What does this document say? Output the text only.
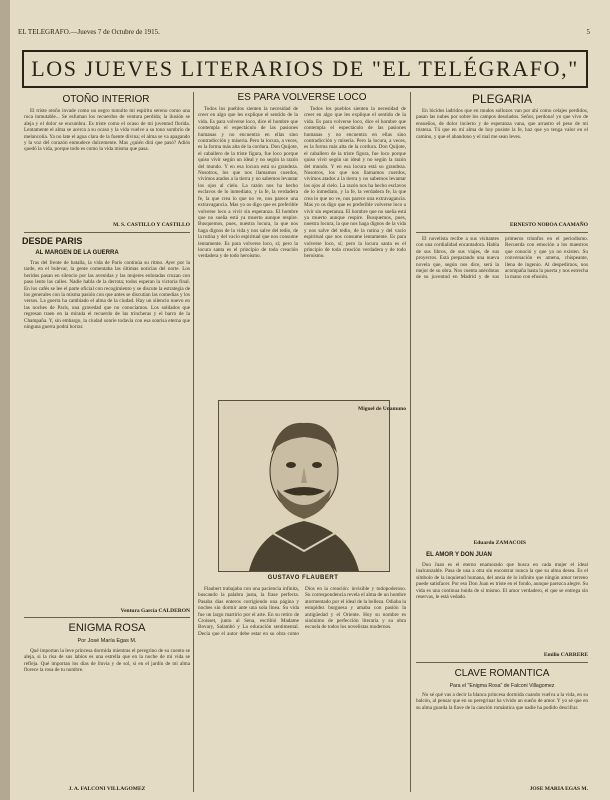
EL TELEGRAFO.—Jueves 7 de Octubre de 1915.	5
LOS JUEVES LITERARIOS DE "EL TELÉGRAFO,"
OTOÑO INTERIOR

El triste otoño invade como un negro tumulto mi espíritu sereno como una roca inmutable... Se esfuman los recuerdos de ventura perdida; la ilusión se aleja y el dolor se encumbra. Es triste como el ocaso de mi juventud florida. Lentamente el alma se acerca a su ocaso y la vida vuelve a su tono sombrío de melancolía. Ya no late el agua clara de la fuente divina; el alma se va apagando y la voz del corazón enmudece dulcemente. Mas ¿quién dirá que pasó? Adiós quedó la vida, porque todo es como la vida misma que pasa.

M. S. CASTILLO Y CASTILLO
DESDE PARIS
AL MARGEN DE LA GUERRA

Tras del frente de batalla, la vida de París continúa su ritmo. Ayer por la tarde, en el bulevar, la gente comentaba las últimas noticias del norte. Los heridos pasan en silencio por las avenidas y las mujeres enlutadas cruzan con paso lento las calles. Nadie habla de la derrota; todos esperan la victoria final. En los cafés se lee el parte oficial con recogimiento y se discute la estrategia de los generales con la misma pasión con que antes se discutían las comedias y los versos. La guerra ha cambiado el alma de la ciudad. Hay un silencio nuevo en las noches de París, una gravedad que no conocíamos. Los soldados que regresan traen en la mirada el recuerdo de las trincheras y el barro de la Champaña. Y, sin embargo, la ciudad sonríe todavía con esa sonrisa eterna que ninguna guerra podrá borrar.

Ventura García CALDERON
ENIGMA ROSA
Por José María Egas M.

Qué importan la leve princesa dormida mientras el peregrino de su cuento se aleja, si la risa de sus labios es una estrella que en la noche de mi vida se refleja. Qué importan los días de lluvia y de sol, si en el jardín de mi alma florece la rosa de tu nombre.

J. A. FALCONI VILLAGOMEZ
ES PARA VOLVERSE LOCO

Todos los pueblos sienten la necesidad de creer en algo que les explique el sentido de la vida. Es para volverse loco, dice el hombre que contempla el espectáculo de las pasiones humanas y no encuentra en ellas sino contradicción y miseria. Pero la locura, a veces, es la forma más alta de la cordura. Don Quijote, el caballero de la triste figura, fue loco porque quiso vivir según un ideal y no según la razón del mundo. Y en esa locura está su grandeza. Nosotros, los que nos llamamos cuerdos, vivimos atados a la tierra y no sabemos levantar los ojos al cielo. La razón nos ha hecho esclavos de lo inmediato, y la fe, la verdadera fe, la que crea lo que no ve, nos parece una extravagancia. Mas yo os digo que es preferible volverse loco a vivir sin esperanza. El hombre que no sueña está ya muerto aunque respire. Busquemos, pues, nuestra locura, la que nos haga dignos de la vida y nos salve del tedio, de la rutina y del vacío espiritual que nos consume lentamente. Es para volverse loco, sí; pero la locura santa es el principio de toda creación verdadera y de todo heroísmo.

Todos los pueblos sienten la necesidad de creer en algo que les explique el sentido de la vida. Es para volverse loco, dice el hombre que contempla el espectáculo de las pasiones humanas y no encuentra en ellas sino contradicción y miseria. Pero la locura, a veces, es la forma más alta de la cordura. Don Quijote, el caballero de la triste figura, fue loco porque quiso vivir según un ideal y no según la razón del mundo. Y en esa locura está su grandeza. Nosotros, los que nos llamamos cuerdos, vivimos atados a la tierra y no sabemos levantar los ojos al cielo. La razón nos ha hecho esclavos de lo inmediato, y la fe, la verdadera fe, la que crea lo que no ve, nos parece una extravagancia. Mas yo os digo que es preferible volverse loco a vivir sin esperanza. El hombre que no sueña está ya muerto aunque respire. Busquemos, pues, nuestra locura, la que nos haga dignos de la vida y nos salve del tedio, de la rutina y del vacío espiritual que nos consume lentamente. Es para volverse loco, sí; pero la locura santa es el principio de toda creación verdadera y de todo heroísmo.

GUSTAVO FLAUBERT

Flaubert trabajaba con una paciencia infinita, buscando la palabra justa, la frase perfecta. Pasaba días enteros corrigiendo una página y noches sin dormir ante una sola línea. Su vida fue un largo martirio por el arte. En su retiro de Croisset, junto al Sena, escribió Madame Bovary, Salambó y La educación sentimental. Decía que el autor debe estar en su obra como Dios en la creación: invisible y todopoderoso. Su correspondencia revela el alma de un hombre atormentado por el ideal de la belleza. Odiaba la estupidez burguesa y amaba con pasión la antigüedad y el Oriente. Hoy su nombre es sinónimo de perfección literaria y su obra escuela de todos los novelistas modernos.

Miguel de Unamuno
PLEGARIA

En lúcidos ladridos que en mudos sollozos van por ahí como celajes perdidos, pasan las nubes por sobre los campos desolados. Señor, perdona! yo que vivo de ensueños, de dolor incierto y de esperanza vana, que arrastro el peso de mi tristeza. Tú que en mi alma de hoy pusiste la fe, haz que yo tenga valor en el camino, y que el abandono y el mal me sean leves.

ERNESTO NOBOA CAAMAÑO

El novelista recibe a sus visitantes con una cordialidad encantadora. Habla de sus libros, de sus viajes, de sus proyectos. Está preparando una nueva novela que, según nos dice, será la mejor de su obra. Nos cuenta anécdotas de su juventud en Madrid y de sus primeros triunfos en el periodismo. Recuerda con emoción a los maestros que conoció y que ya no existen. Su conversación es amena, chispeante, llena de ingenio. Al despedirnos, nos acompaña hasta la puerta y nos estrecha la mano con efusión.

Eduardo ZAMACOIS
EL AMOR Y DON JUAN

Don Juan es el eterno enamorado que busca en cada mujer el ideal inalcanzable. Pasa de una a otra sin encontrar nunca la que su alma desea. Es el símbolo de la inquietud humana, del ansia de lo infinito que ningún amor terreno puede satisfacer. Por eso Don Juan es triste en el fondo, aunque parezca alegre. Su vida es una continua huida de sí mismo. El amor verdadero, el que se entrega sin reservas, le está vedado.

Emilio CARRERE
CLAVE ROMANTICA
Para el "Enigma Rosa" de Falconi Villagomez

No sé qué vas a decir la blanca princesa dormida cuando vuelva a la vida, en su balcón, al pensar que en su peregrinar ha vivido un sueño de amor. Y yo sé que en su alma guarda la llave de la canción romántica que nadie ha podido descifrar.

JOSE MARIA EGAS M.
